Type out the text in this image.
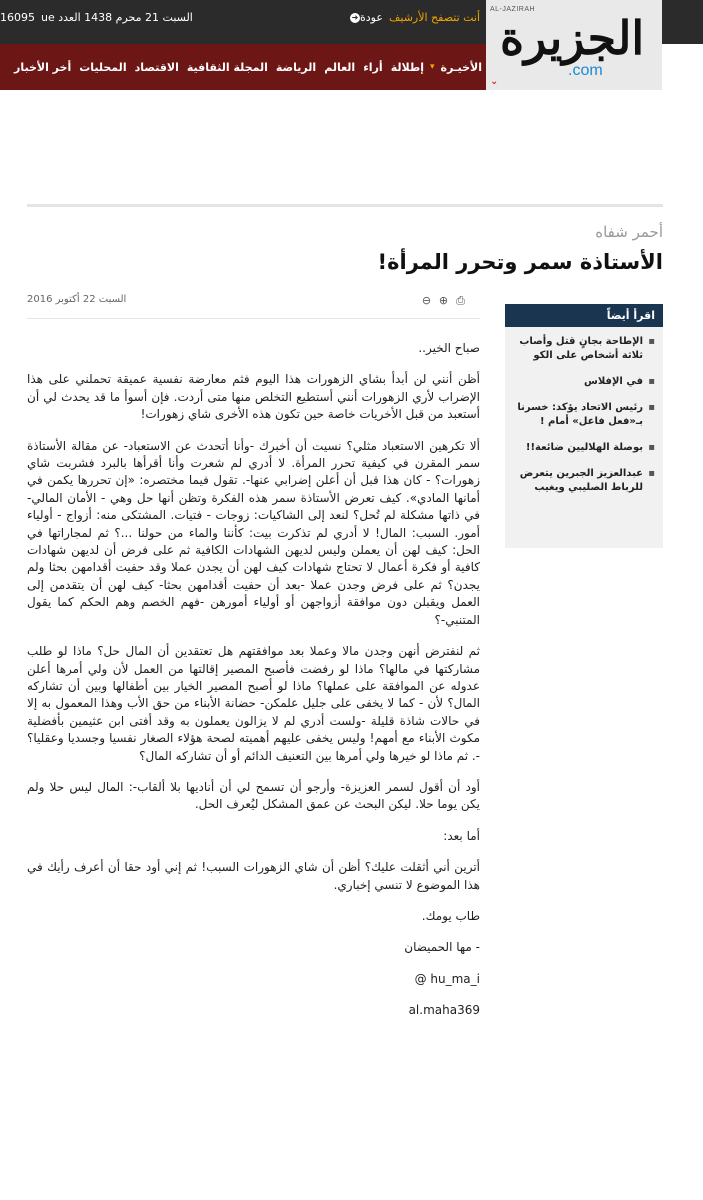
السبت 21 محرم 1438 العدد 16095ue	➜ عودة أنت تتصفح الأرشيف
AL-JAZIRAH
الجزيرة
.com
⌄
أخر الأخبار المحليات الاقتصاد المجلة الثقافية الرياضة العالم أراء إطلالة ▾ الأخيـرة
أحمر شفاه
الأستاذة سمر وتحرر المرأة!
السبت 22 أكتوبر 2016	⊖ ⊕ ⎙

صباح الخير..

أظن أنني لن أبدأ بشاي الزهورات هذا اليوم فثم معارضة نفسية عميقة تحملني على هذا الإضراب لأري الزهورات أنني أستطيع التخلص منها متى أردت. فإن أسوأ ما قد يحدث لي أن أستعبد من قبل الأخريات خاصة حين تكون هذه الأخرى شاي زهورات!

ألا تكرهين الاستعباد مثلي؟ نسيت أن أخبرك -وأنا أتحدث عن الاستعباد- عن مقالة الأستاذة سمر المقرن في كيفية تحرر المرأة. لا أدري لم شعرت وأنا أقرأها بالبرد فشربت شاي زهورات؟ - كان هذا قبل أن أعلن إضرابي عنها-. تقول فيما مختصره: «إن تحررها يكمن في أمانها المادي». كيف تعرض الأستاذة سمر هذه الفكرة وتظن أنها حل وهي - الأمان المالي- في ذاتها مشكلة لم تُحل؟ لنعد إلى الشاكيات: زوجات - فتيات. المشتكى منه: أزواج - أولياء أمور. السبب: المال! لا أدري لم تذكرت بيت: كأننا والماء من حولنا ...؟ ثم لمجاراتها في الحل: كيف لهن أن يعملن وليس لديهن الشهادات الكافية ثم على فرض أن لديهن شهادات كافية أو فكرة أعمال لا تحتاج شهادات كيف لهن أن يجدن عملا وقد حفيت أقدامهن بحثا ولم يجدن؟ ثم على فرض وجدن عملا -بعد أن حفيت أقدامهن بحثا- كيف لهن أن يتقدمن إلى العمل ويقبلن دون موافقة أزواجهن أو أولياء أمورهن -فهم الخصم وهم الحكم كما يقول المتنبي-؟

ثم لنفترض أنهن وجدن مالا وعملا بعد موافقتهم هل تعتقدين أن المال حل؟ ماذا لو طلب مشاركتها في مالها؟ ماذا لو رفضت فأصبح المصير إقالتها من العمل لأن ولي أمرها أعلن عدوله عن الموافقة على عملها؟ ماذا لو أصبح المصير الخيار بين أطفالها وبين أن تشاركه المال؟ لأن - كما لا يخفى على جليل علمكن- حضانة الأبناء من حق الأب وهذا المعمول به إلا في حالات شاذة قليلة -ولست أدري لم لا يزالون يعملون به وقد أفتى ابن عثيمين بأفضلية مكوث الأبناء مع أمهم! وليس يخفى عليهم أهميته لصحة هؤلاء الصغار نفسيا وجسديا وعقليا؟ -. ثم ماذا لو خيرها ولي أمرها بين التعنيف الدائم أو أن تشاركه المال؟

أود أن أقول لسمر العزيزة- وأرجو أن تسمح لي أن أناديها بلا ألقاب-: المال ليس حلا ولم يكن يوما حلا. ليكن البحث عن عمق المشكل ليُعرف الحل.

أما بعد:

أترين أني أثقلت عليك؟ أظن أن شاي الزهورات السبب! ثم إني أود حقا أن أعرف رأيك في هذا الموضوع لا تنسي إخباري.

طاب يومك.

- مها الحميضان

hu_ma_i @

al.maha369

اقرأ أيضاً
▪
الإطاحة بجانٍ قتل وأصاب ثلاثة أشخاص على الكو
▪
في الإفلاس
▪
رئيس الاتحاد يؤكد: خسرنا بـ«فعل فاعل» أمام !
▪
بوصلة الهلاليين ضائعة!!
▪
عبدالعزيز الجبرين يتعرض للرباط الصليبي ويغيب
